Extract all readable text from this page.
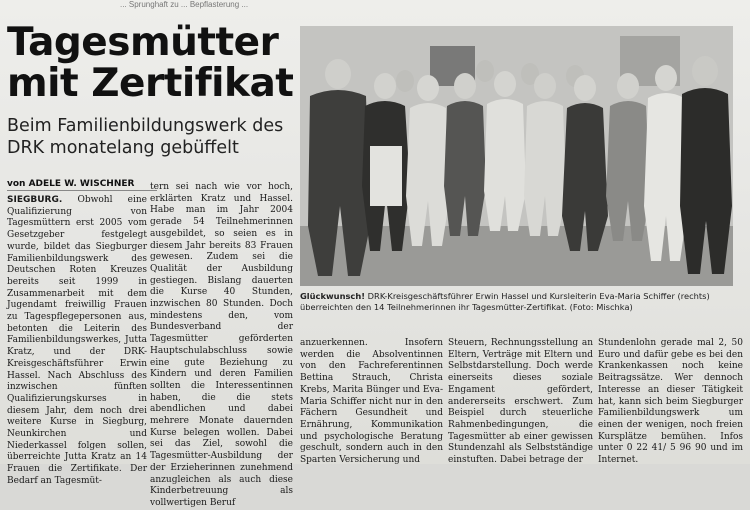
... Sprunghaft zu ... Bepflasterung ...
Tagesmütter mit Zertifikat
Beim Familienbildungswerk des DRK monatelang gebüffelt
von ADELE W. WISCHNER

SIEGBURG. Obwohl eine Qualifizierung von Tagesmüttern erst 2005 vom Gesetzgeber festgelegt wurde, bildet das Siegburger Familienbildungswerk des Deutschen Roten Kreuzes bereits seit 1999 in Zusammenarbeit mit dem Jugendamt freiwillig Frauen zu Tagespflegepersonen aus, betonten die Leiterin des Familienbildungswerkes, Jutta Kratz, und der DRK-Kreisgeschäftsführer Erwin Hassel. Nach Abschluss des inzwischen fünften Qualifizierungskurses in diesem Jahr, dem noch drei weitere Kurse in Siegburg, Neunkirchen und Niederkassel folgen sollen, überreichte Jutta Kratz an 14 Frauen die Zertifikate. Der Bedarf an Tagesmüt-

tern sei nach wie vor hoch, erklärten Kratz und Hassel. Habe man im Jahr 2004 gerade 54 Teilnehmerinnen ausgebildet, so seien es in diesem Jahr bereits 83 Frauen gewesen. Zudem sei die Qualität der Ausbildung gestiegen. Bislang dauerten die Kurse 40 Stunden, inzwischen 80 Stunden. Doch mindestens den, vom Bundesverband der Tagesmütter geförderten Hauptschulabschluss sowie eine gute Beziehung zu Kindern und deren Familien sollten die Interessentinnen haben, die die stets abendlichen und dabei mehrere Monate dauernden Kurse belegen wollen. Dabei sei das Ziel, sowohl die Tagesmütter-Ausbildung der der Erzieherinnen zunehmend anzugleichen als auch diese Kinderbetreuung als vollwertigen Beruf

Glückwunsch! DRK-Kreisgeschäftsführer Erwin Hassel und Kursleiterin Eva-Maria Schiffer (rechts) überreichten den 14 Teilnehmerinnen ihr Tagesmütter-Zertifikat. (Foto: Mischka)

anzuerkennen. Insofern werden die Absolventinnen von den Fachreferentinnen Bettina Strauch, Christa Krebs, Marita Bünger und Eva-Maria Schiffer nicht nur in den Fächern Gesundheit und Ernährung, Kommunikation und psychologische Beratung geschult, sondern auch in den Sparten Versicherung und

Steuern, Rechnungsstellung an Eltern, Verträge mit Eltern und Selbstdarstellung. Doch werde einerseits dieses soziale Engament gefördert, andererseits erschwert. Zum Beispiel durch steuerliche Rahmenbedingungen, die Tagesmütter ab einer gewissen Stundenzahl als Selbstständige einstuften. Dabei betrage der

Stundenlohn gerade mal 2, 50 Euro und dafür gebe es bei den Krankenkassen noch keine Beitragssätze. Wer dennoch Interesse an dieser Tätigkeit hat, kann sich beim Siegburger Familienbildungswerk um einen der wenigen, noch freien Kursplätze bemühen. Infos unter 0 22 41/ 5 96 90 und im Internet.
